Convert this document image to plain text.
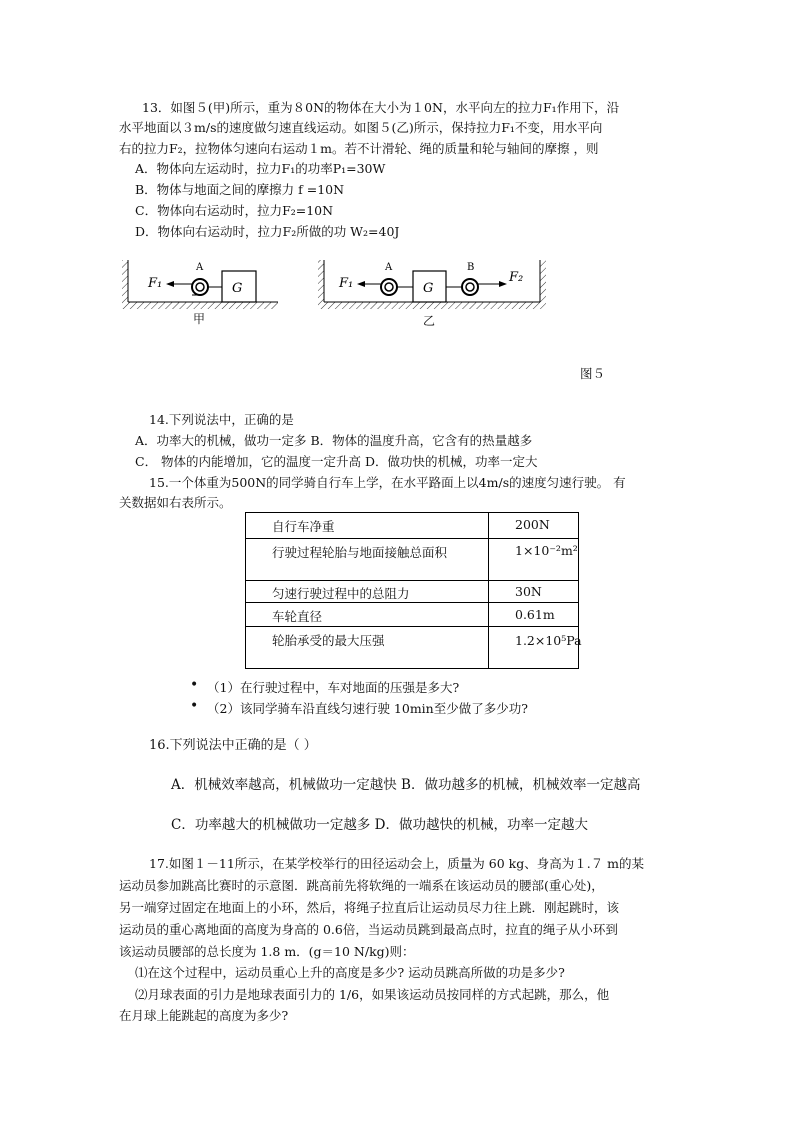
13．如图５(甲)所示，重为８0N的物体在大小为１0N，水平向左的拉力F₁作用下，沿
水平地面以３m/s的速度做匀速直线运动。如图５(乙)所示，保持拉力F₁不变，用水平向
右的拉力F₂，拉物体匀速向右运动１m。若不计滑轮、绳的质量和轮与轴间的摩擦 ，则
A．物体向左运动时，拉力F₁的功率P₁=30W
B．物体与地面之间的摩擦力 f =10N
C．物体向右运动时，拉力F₂=10N
D．物体向右运动时，拉力F₂所做的功 W₂=40J
G
A
F₁	G
A
F₁
B
F₂
甲	乙
图５
14.下列说法中，正确的是
A．功率大的机械，做功一定多 B．物体的温度升高，它含有的热量越多
C． 物体的内能增加，它的温度一定升高 D．做功快的机械，功率一定大
15.一个体重为500N的同学骑自行车上学，在水平路面上以4m/s的速度匀速行驶。 有
关数据如右表所示。
自行车净重	200N

行驶过程轮胎与地面接触总面积	1×10⁻²m²
匀速行驶过程中的总阻力	30N
车轮直径	0.61m
轮胎承受的最大压强	1.2×10⁵Pa
• （1）在行驶过程中，车对地面的压强是多大?
• （2）该同学骑车沿直线匀速行驶 10min至少做了多少功?
16.下列说法中正确的是（ ）
A．机械效率越高，机械做功一定越快 B．做功越多的机械，机械效率一定越高
C．功率越大的机械做功一定越多 D．做功越快的机械，功率一定越大
17.如图１－11所示，在某学校举行的田径运动会上，质量为 60 kg、身高为１.７ m的某
运动员参加跳高比赛时的示意图．跳高前先将软绳的一端系在该运动员的腰部(重心处)，
另一端穿过固定在地面上的小环，然后，将绳子拉直后让运动员尽力往上跳．刚起跳时，该
运动员的重心离地面的高度为身高的 0.6倍，当运动员跳到最高点时，拉直的绳子从小环到
该运动员腰部的总长度为 1.8 m．(g＝10 N/kg)则：
⑴在这个过程中，运动员重心上升的高度是多少? 运动员跳高所做的功是多少?
⑵月球表面的引力是地球表面引力的 1/6，如果该运动员按同样的方式起跳，那么，他
在月球上能跳起的高度为多少?
